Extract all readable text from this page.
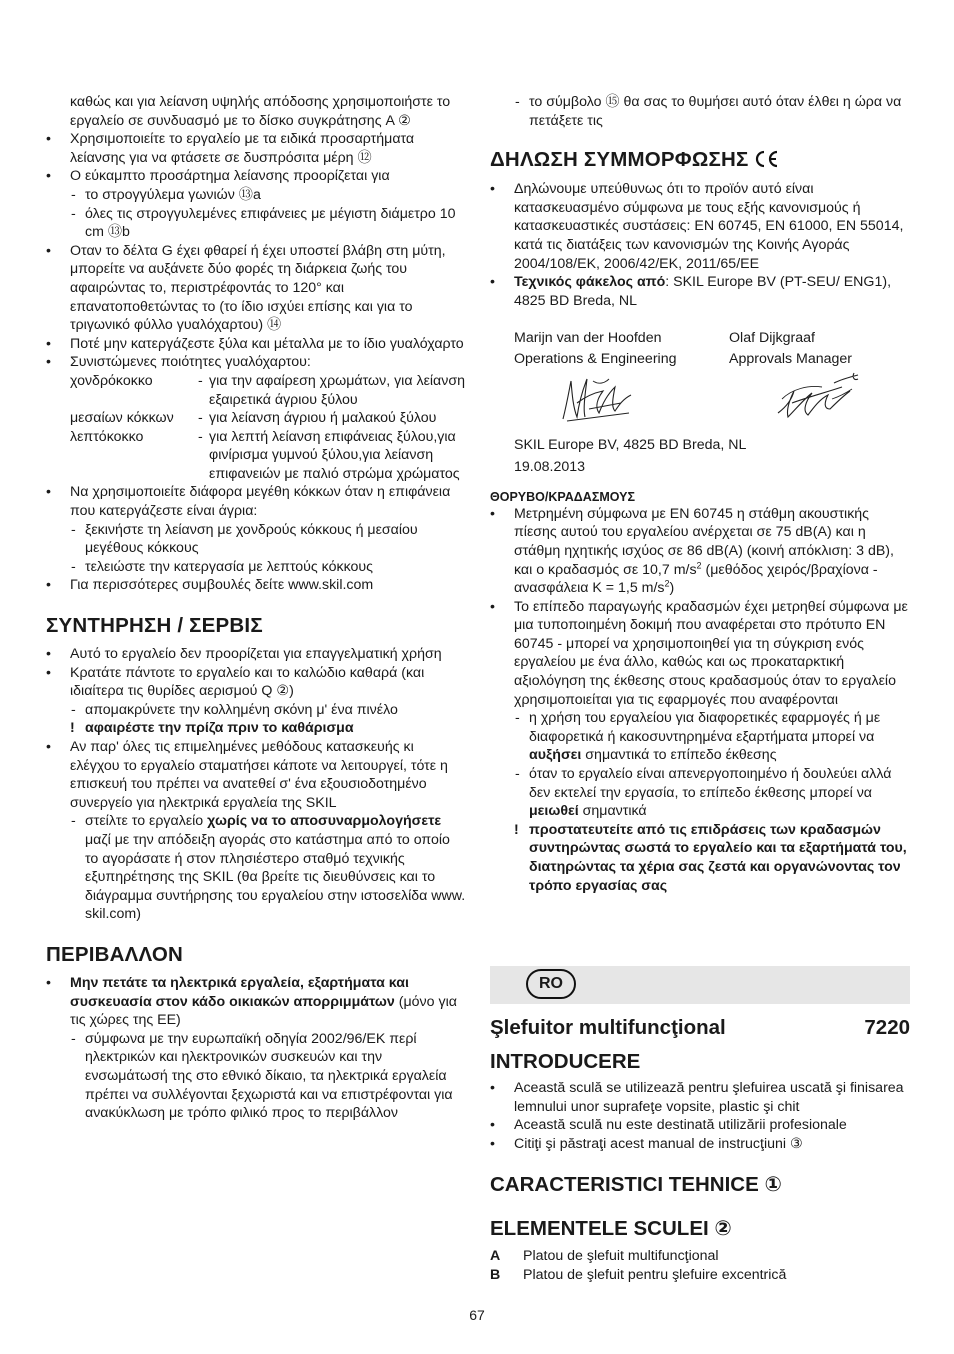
καθώς και για λείανση υψηλής απόδοσης χρησιμοποιήστε το εργαλείο σε συνδυασμό με το δίσκο συγκράτησης A ②

• Χρησιμοποιείτε το εργαλείο με τα ειδικά προσαρτήματα λείανσης για να φτάσετε σε δυσπρόσιτα μέρη ⑫
• Ο εύκαμπτο προσάρτημα λείανσης προορίζεται για
- το στρογγύλεμα γωνιών ⑬a
- όλες τις στρογγυλεμένες επιφάνειες με μέγιστη διάμετρο 10 cm ⑬b
• Οταν το δέλτα G έχει φθαρεί ή έχει υποστεί βλάβη στη μύτη, μπορείτε να αυξάνετε δύο φορές τη διάρκεια ζωής του αφαιρώντας το, περιστρέφοντάς το 120° και επανατοποθετώντας το (το ίδιο ισχύει επίσης και για το τριγωνικό φύλλο γυαλόχαρτου) ⑭
• Ποτέ μην κατεργάζεστε ξύλα και μέταλλα με το ίδιο γυαλόχαρτο
• Συνιστώμενες ποιότητες γυαλόχαρτου:
χονδρόκοκκο	- για την αφαίρεση χρωμάτων, για λείανση εξαιρετικά άγριου ξύλου
μεσαίων κόκκων	- για λείανση άγριου ή μαλακού ξύλου
λεπτόκοκκο	- για λεπτή λείανση επιφάνειας ξύλου,για φινίρισμα γυμνού ξύλου,για λείανση επιφανειών με παλιό στρώμα χρώματος
• Να χρησιμοποιείτε διάφορα μεγέθη κόκκων όταν η επιφάνεια που κατεργάζεστε είναι άγρια:
- ξεκινήστε τη λείανση με χονδρούς κόκκους ή μεσαίου μεγέθους κόκκους
- τελειώστε την κατεργασία με λεπτούς κόκκους
• Για περισσότερες συμβουλές δείτε www.skil.com
ΣΥΝΤΗΡΗΣΗ / ΣΕΡΒΙΣ
• Αυτό το εργαλείο δεν προορίζεται για επαγγελματική χρήση
• Κρατάτε πάντοτε το εργαλείο και το καλώδιο καθαρά (και ιδιαίτερα τις θυρίδες αερισμού Q ②)
- απομακρύνετε την κολλημένη σκόνη μ' ένα πινέλο
! αφαιρέστε την πρίζα πριν το καθάρισμα
• Αν παρ' όλες τις επιμελημένες μεθόδους κατασκευής κι ελέγχου το εργαλείο σταματήσει κάποτε να λειτουργεί, τότε η επισκευή του πρέπει να ανατεθεί σ' ένα εξουσιοδοτημένο συνεργείο για ηλεκτρικά εργαλεία της SKIL
- στείλτε το εργαλείο χωρίς να το αποσυναρμολογήσετε μαζί με την απόδειξη αγοράς στο κατάστημα από το οποίο το αγοράσατε ή στον πλησιέστερο σταθμό τεχνικής εξυπηρέτησης της SKIL (θα βρείτε τις διευθύνσεις και το διάγραμμα συντήρησης του εργαλείου στην ιστοσελίδα www. skil.com)
ΠΕΡΙΒΑΛΛΟΝ
• Μην πετάτε τα ηλεκτρικά εργαλεία, εξαρτήματα και συσκευασία στον κάδο οικιακών απορριμμάτων (μόνο για τις χώρες της ΕΕ)
- σύμφωνα με την ευρωπαϊκή οδηγία 2002/96/ΕΚ περί ηλεκτρικών και ηλεκτρονικών συσκευών και την ενσωμάτωσή της στο εθνικό δίκαιο, τα ηλεκτρικά εργαλεία πρέπει να συλλέγονται ξεχωριστά και να επιστρέφονται για ανακύκλωση με τρόπο φιλικό προς το περιβάλλον
- το σύμβολο ⑮ θα σας το θυμήσει αυτό όταν έλθει η ώρα να πετάξετε τις
ΔΗΛΩΣΗ ΣΥΜΜΟΡΦΩΣΗΣ
• Δηλώνουμε υπεύθυνως ότι το προϊόν αυτό είναι κατασκευασμένο σύμφωνα με τους εξής κανονισμούς ή κατασκευαστικές συστάσεις: EN 60745, EN 61000, EN 55014, κατά τις διατάξεις των κανονισμών της Κοινής Αγοράς 2004/108/ΕΚ, 2006/42/ΕΚ, 2011/65/ΕΕ
• Τεχνικός φάκελος από: SKIL Europe BV (PT-SEU/ ENG1), 4825 BD Breda, NL
Marijn van der Hoofden	Olaf Dijkgraaf
Operations & Engineering	Approvals Manager
SKIL Europe BV, 4825 BD Breda, NL
19.08.2013
ΘΟΡΥΒΟ/ΚΡΑΔΑΣΜΟΥΣ
• Μετρημένη σύμφωνα με EN 60745 η στάθμη ακουστικής πίεσης αυτού του εργαλείου ανέρχεται σε 75 dB(A) και η στάθμη ηχητικής ισχύος σε 86 dB(A) (κοινή απόκλιση: 3 dB), και ο κραδασμός σε 10,7 $m/s^2$ (μεθόδος χειρός/βραχίονα - ανασφάλεια K = 1,5 $m/s^2$)
• Το επίπεδο παραγωγής κραδασμών έχει μετρηθεί σύμφωνα με μια τυποποιημένη δοκιμή που αναφέρεται στο πρότυπο EN 60745 - μπορεί να χρησιμοποιηθεί για τη σύγκριση ενός εργαλείου με ένα άλλο, καθώς και ως προκαταρκτική αξιολόγηση της έκθεσης στους κραδασμούς όταν το εργαλείο χρησιμοποιείται για τις εφαρμογές που αναφέρονται
- η χρήση του εργαλείου για διαφορετικές εφαρμογές ή με διαφορετικά ή κακοσυντηρημένα εξαρτήματα μπορεί να αυξήσει σημαντικά το επίπεδο έκθεσης
- όταν το εργαλείο είναι απενεργοποιημένο ή δουλεύει αλλά δεν εκτελεί την εργασία, το επίπεδο έκθεσης μπορεί να μειωθεί σημαντικά
! προστατευτείτε από τις επιδράσεις των κραδασμών συντηρώντας σωστά το εργαλείο και τα εξαρτήματά του, διατηρώντας τα χέρια σας ζεστά και οργανώνοντας τον τρόπο εργασίας σας
RO
Şlefuitor multifuncţional	7220
INTRODUCERE
• Această sculă se utilizează pentru şlefuirea uscată şi finisarea lemnului unor suprafeţe vopsite, plastic şi chit
• Această sculă nu este destinată utilizării profesionale
• Citiţi şi păstraţi acest manual de instrucţiuni ③
CARACTERISTICI TEHNICE ①
ELEMENTELE SCULEI ②
A	Platou de şlefuit multifuncţional
B	Platou de şlefuit pentru şlefuire excentrică
67
